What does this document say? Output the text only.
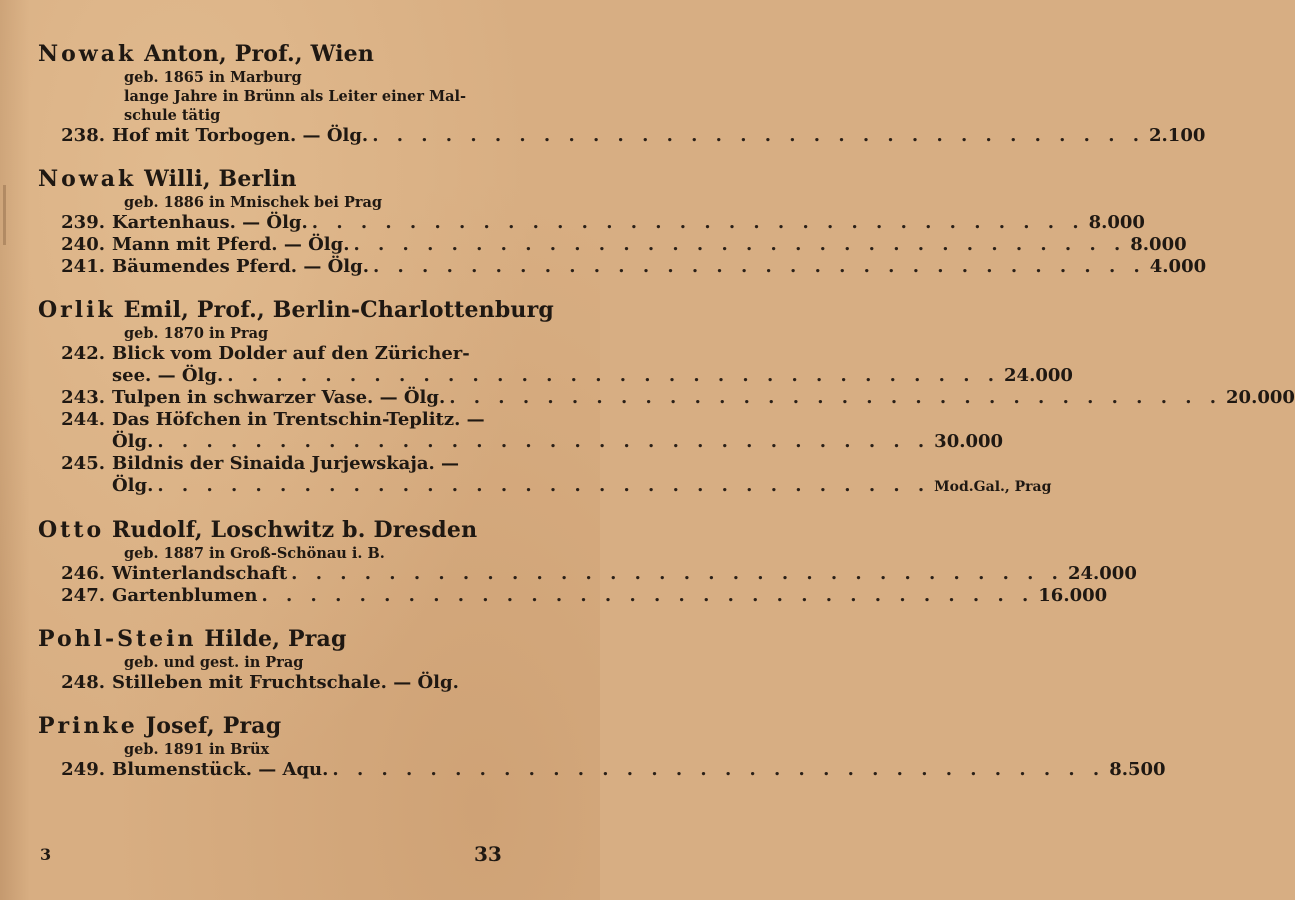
Nowak Anton, Prof., Wien
geb. 1865 in Marburg
lange Jahre in Brünn als Leiter einer Mal-
schule tätig
238. Hof mit Torbogen. — Ölg. . . . . . . . . . . . . . . . . . . . . . . . . . . . . . . . . 2.100
Nowak Willi, Berlin
geb. 1886 in Mnischek bei Prag
239. Kartenhaus. — Ölg. . . . . . . . . . . . . . . . . . . . . . . . . . . . . . . . . 8.000
240. Mann mit Pferd. — Ölg. . . . . . . . . . . . . . . . . . . . . . . . . . . . . . . . . 8.000
241. Bäumendes Pferd. — Ölg. . . . . . . . . . . . . . . . . . . . . . . . . . . . . . . . . 4.000
Orlik Emil, Prof., Berlin-Charlottenburg
geb. 1870 in Prag
242. Blick vom Dolder auf den Züricher-
see. — Ölg. . . . . . . . . . . . . . . . . . . . . . . . . . . . . . . . . 24.000
243. Tulpen in schwarzer Vase. — Ölg. . . . . . . . . . . . . . . . . . . . . . . . . . . . . . . . . 20.000
244. Das Höfchen in Trentschin-Teplitz. —
Ölg. . . . . . . . . . . . . . . . . . . . . . . . . . . . . . . . . 30.000
245. Bildnis der Sinaida Jurjewskaja. —
Ölg. . . . . . . . . . . . . . . . . . . . . . . . . . . . . . . . . Mod.Gal., Prag
Otto Rudolf, Loschwitz b. Dresden
geb. 1887 in Groß-Schönau i. B.
246. Winterlandschaft . . . . . . . . . . . . . . . . . . . . . . . . . . . . . . . . 24.000
247. Gartenblumen . . . . . . . . . . . . . . . . . . . . . . . . . . . . . . . . 16.000
Pohl-Stein Hilde, Prag
geb. und gest. in Prag
248. Stilleben mit Fruchtschale. — Ölg.
Prinke Josef, Prag
geb. 1891 in Brüx
249. Blumenstück. — Aqu. . . . . . . . . . . . . . . . . . . . . . . . . . . . . . . . . 8.500
3	33
